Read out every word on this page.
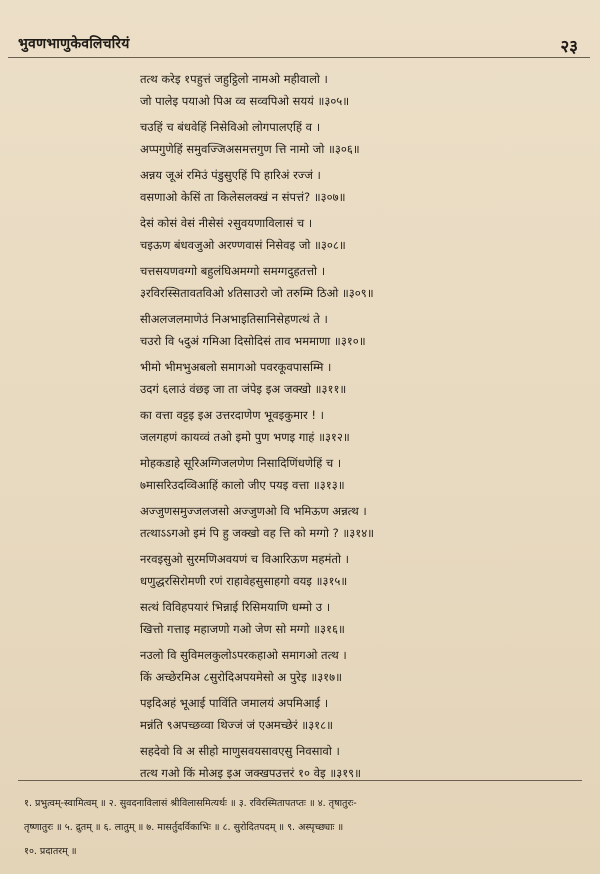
भुवणभाणुकेवलिचरियं	२३
तत्थ करेइ १पहुत्तं जहुट्ठिलो नामओ महीवालो ।
जो पालेइ पयाओ पिअ व्व सव्वपिओ सययं ॥३०५॥
चउहिं च बंधवेहिं निसेविओ लोगपालएहिं व ।
अप्पगुणेहिं समुवज्जिअसमत्तगुण त्ति नामो जो ॥३०६॥
अन्नय जूअं रमिउं पंडुसुएहिं पि हारिअं रज्जं ।
वसणाओ केसिं ता किलेसलक्खं न संपत्तं? ॥३०७॥
देसं कोसं वेसं नीसेसं २सुवयणाविलासं च ।
चइऊण बंधवजुओ अरण्णवासं निसेवइ जो ॥३०८॥
चत्तसयणवग्गो बहुलंघिअमग्गो समग्गदुहतत्तो ।
३रविरस्सितावतविओ ४तिसाउरो जो तरुम्मि ठिओ ॥३०९॥
सीअलजलमाणेउं निअभाइतिसानिसेहणत्थं ते ।
चउरो वि ५दुअं गमिआ दिसोदिसं ताव भममाणा ॥३१०॥
भीमो भीमभुअबलो समागओ पवरकूवपासम्मि ।
उदगं ६लाउं वंछइ जा ता जंपेइ इअ जक्खो ॥३११॥
का वत्ता वट्टइ इअ उत्तरदाणेण भूवइकुमार ! ।
जलगहणं कायव्वं तओ इमो पुण भणइ गाहं ॥३१२॥
मोहकडाहे सूरिअग्गिजलणेण निसादिणिंधणेहिं च ।
७मासरिउदव्विआहिं कालो जीए पयइ वत्ता ॥३१३॥
अज्जुणसमुज्जलजसो अज्जुणओ वि भमिऊण अन्नत्थ ।
तत्थाऽऽगओ इमं पि हु जक्खो वह त्ति को मग्गो ? ॥३१४॥
नरवइसुओ सुरमणिअवयणं च विआरिऊण महमंतो ।
धणुद्धरसिरोमणी रणं राहावेहसुसाहगो वयइ ॥३१५॥
सत्थं विविहपयारं भिन्नाई रिसिमयाणि धम्मो उ ।
खित्तो गत्ताइ महाजणो गओ जेण सो मग्गो ॥३१६॥
नउलो वि सुविमलकुलोऽपरकहाओ समागओ तत्थ ।
किं अच्छेरमिअ ८सुरोदिअपयमेसो अ पुरेइ ॥३१७॥
पइदिअहं भूआई पाविंति जमालयं अपमिआई ।
मन्नंति ९अपच्छव्वा थिज्जं जं एअमच्छेरं ॥३१८॥
सहदेवो वि अ सीहो माणुसवयसावएसु निवसावो ।
तत्थ गओ किं मोअइ इअ जक्खपउत्तरं १० वेइ ॥३१९॥
१. प्रभुत्वम्-स्वामित्वम् ॥ २. सुवदनाविलासं श्रीविलासमित्यर्थः ॥ ३. रविरस्मितापतप्तः ॥ ४. तृषातुरः-
तृष्णातुरः ॥ ५. द्रुतम् ॥ ६. लातुम् ॥ ७. मासर्तुदर्विकाभिः ॥ ८. सुरोदितपदम् ॥ ९. अस्पृच्छ्याः ॥
१०. प्रदातरम् ॥
